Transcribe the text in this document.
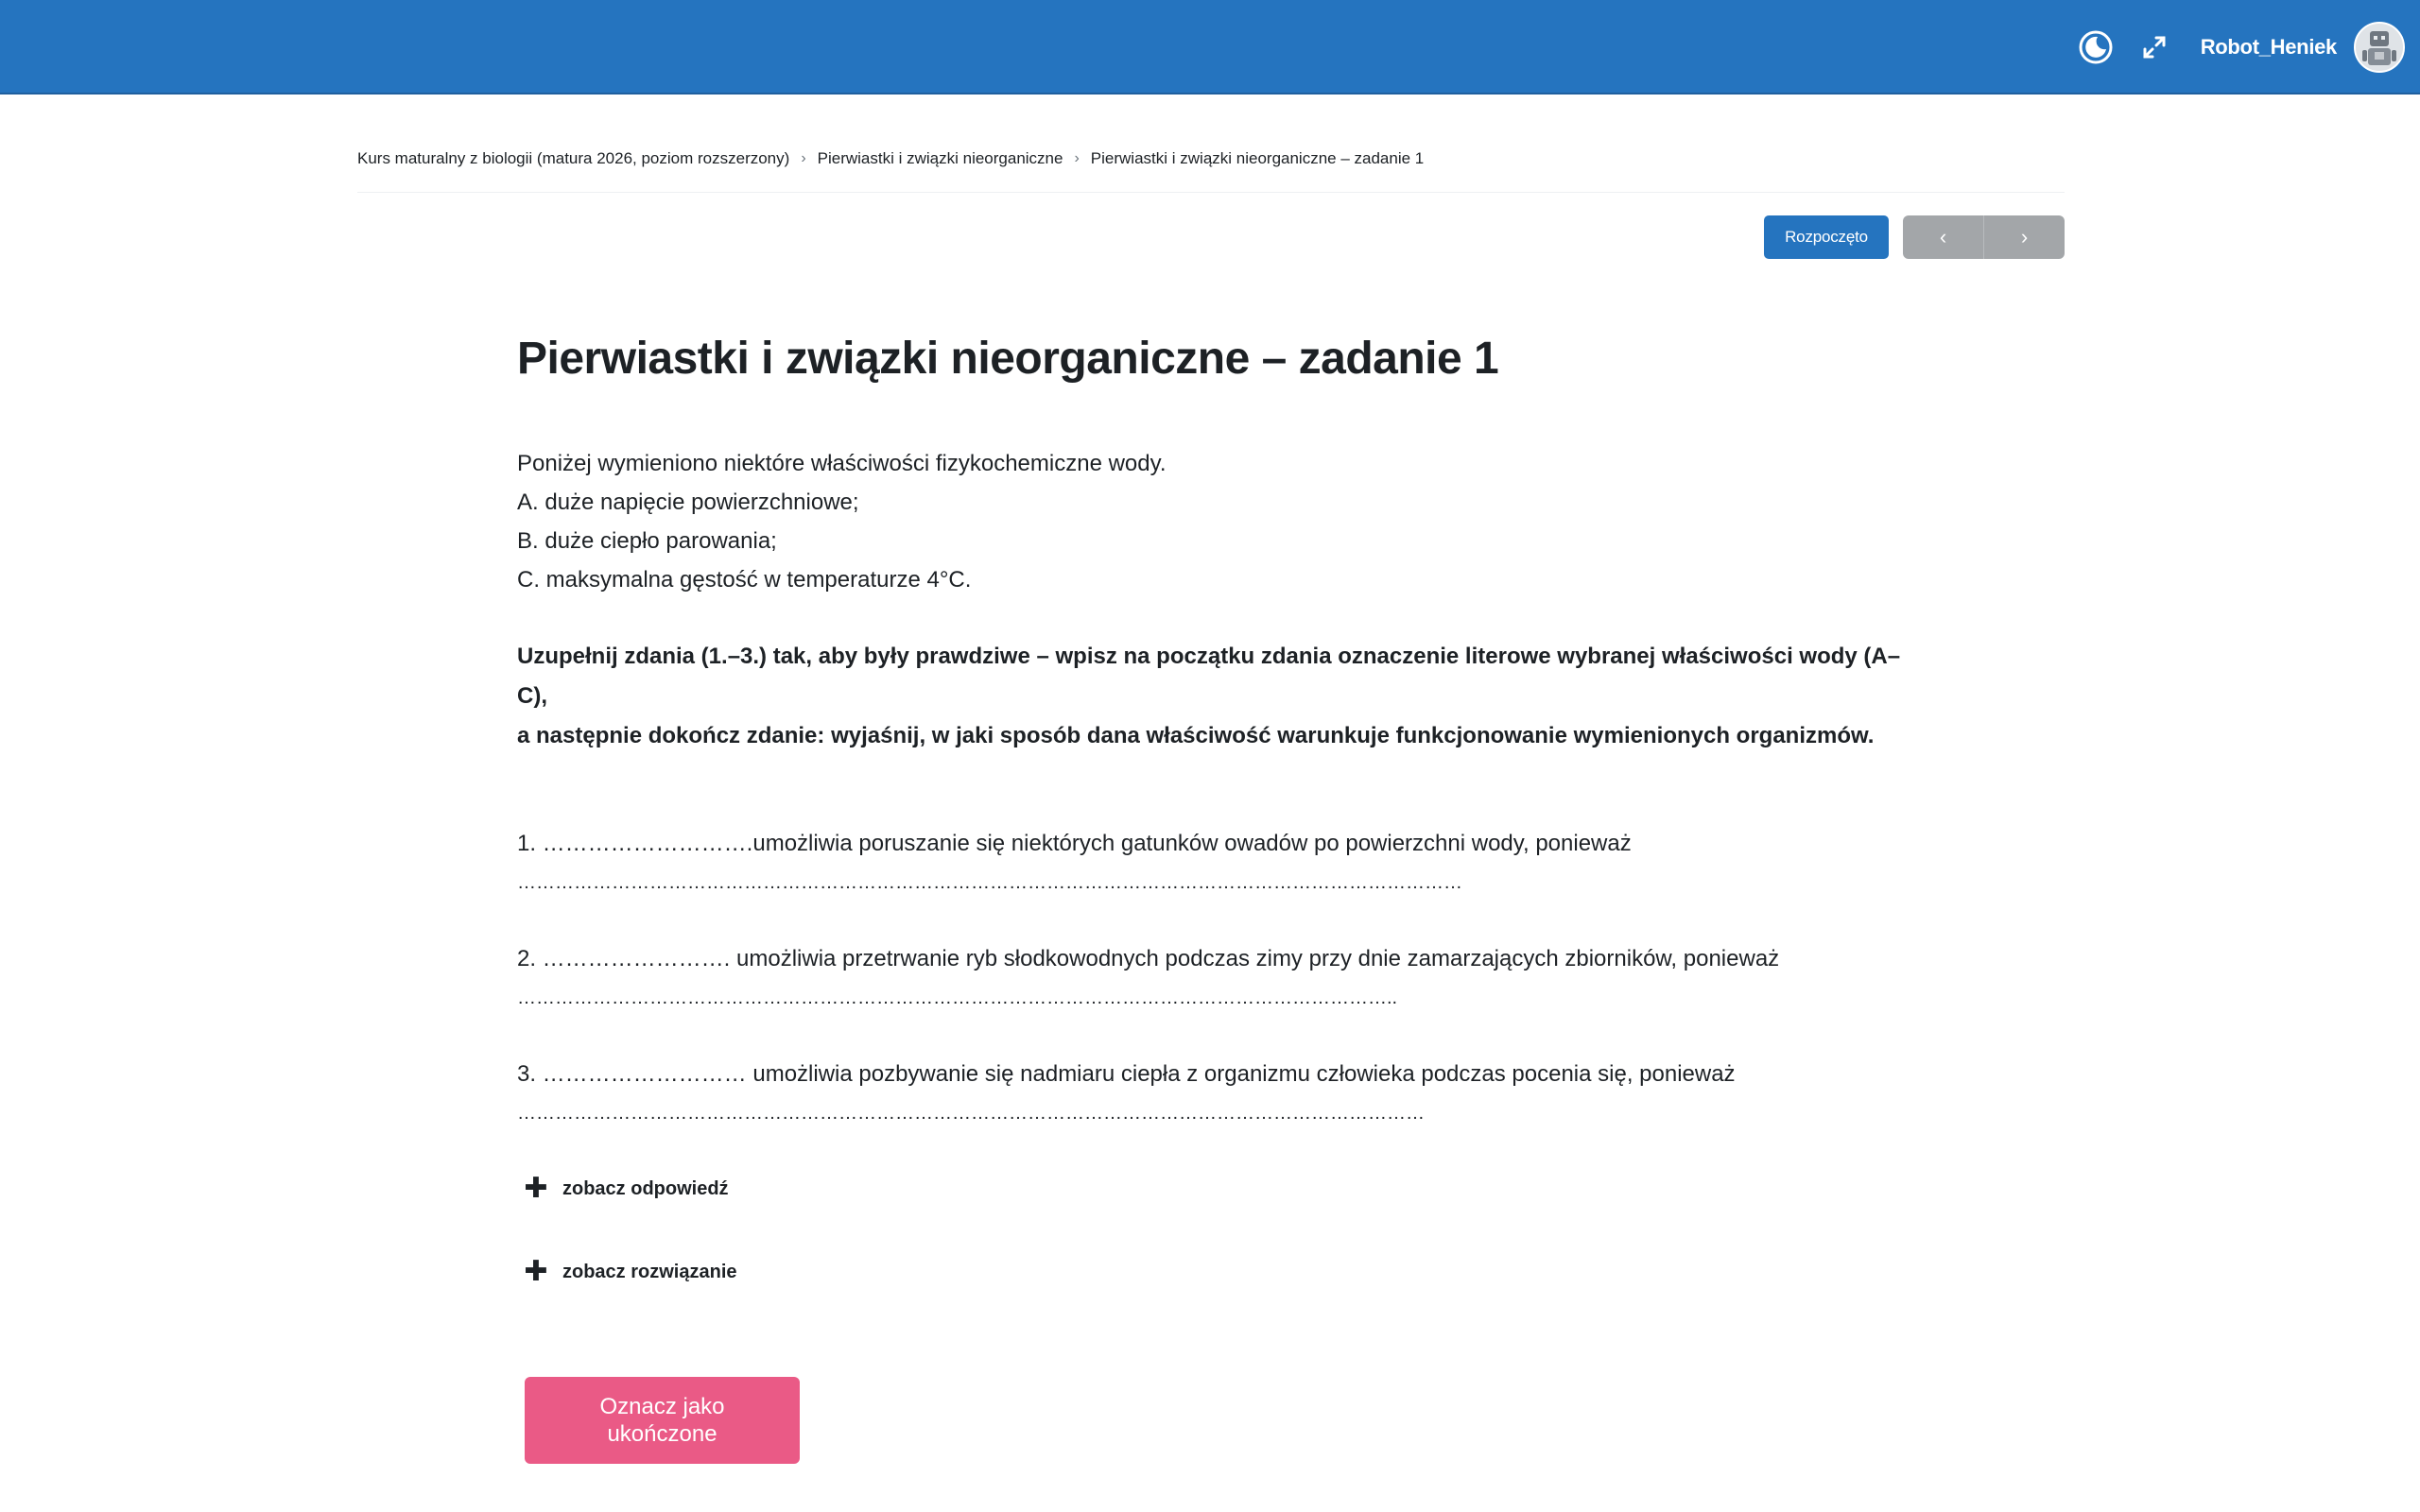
Robot_Heniek
Kurs maturalny z biologii (matura 2026, poziom rozszerzony) › Pierwiastki i związki nieorganiczne › Pierwiastki i związki nieorganiczne – zadanie 1
Rozpoczęto	‹	›
Pierwiastki i związki nieorganiczne – zadanie 1
Poniżej wymieniono niektóre właściwości fizykochemiczne wody.
A. duże napięcie powierzchniowe;
B. duże ciepło parowania;
C. maksymalna gęstość w temperaturze 4°C.
Uzupełnij zdania (1.–3.) tak, aby były prawdziwe – wpisz na początku zdania oznaczenie literowe wybranej właściwości wody (A–C),
a następnie dokończ zdanie: wyjaśnij, w jaki sposób dana właściwość warunkuje funkcjonowanie wymienionych organizmów.
1. ……………………….umożliwia poruszanie się niektórych gatunków owadów po powierzchni wody, ponieważ
……………………………………………………………………………………………………………………………………
2. ……………………. umożliwia przetrwanie ryb słodkowodnych podczas zimy przy dnie zamarzających zbiorników, ponieważ
…………………………………………………………………………………………………………………………..
3. ……………………… umożliwia pozbywanie się nadmiaru ciepła z organizmu człowieka podczas pocenia się, ponieważ
………………………………………………………………………………………………………………………………
✚ zobacz odpowiedź
✚ zobacz rozwiązanie
Oznacz jako ukończone
